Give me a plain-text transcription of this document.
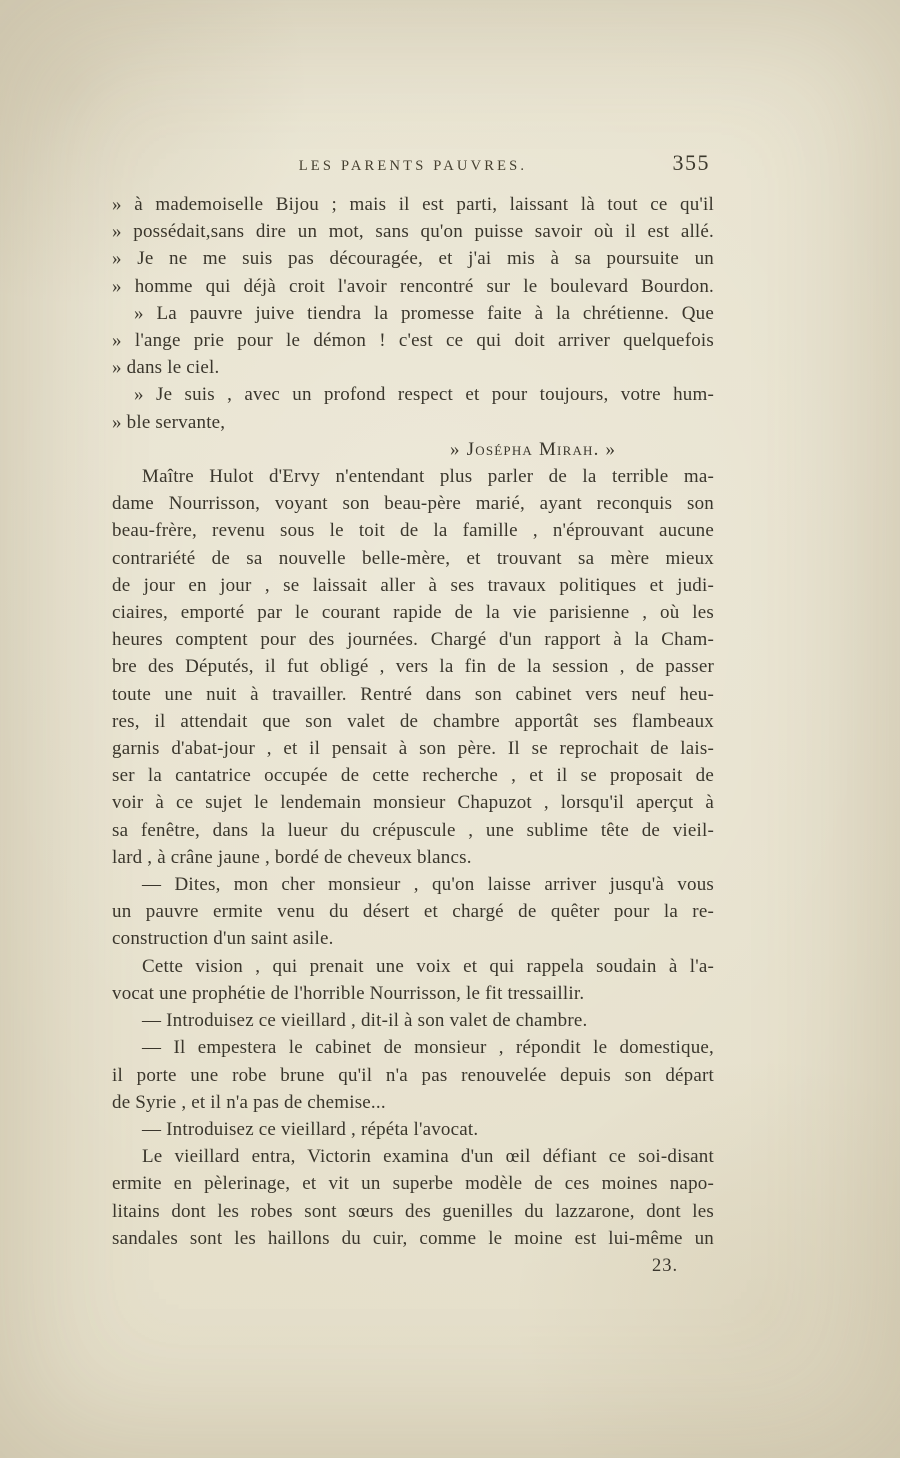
LES PARENTS PAUVRES.	355
» à mademoiselle Bijou ; mais il est parti, laissant là tout ce qu'il
» possédait,sans dire un mot, sans qu'on puisse savoir où il est allé.
» Je ne me suis pas découragée, et j'ai mis à sa poursuite un
» homme qui déjà croit l'avoir rencontré sur le boulevard Bourdon.
» La pauvre juive tiendra la promesse faite à la chrétienne. Que
» l'ange prie pour le démon ! c'est ce qui doit arriver quelquefois
» dans le ciel.
» Je suis , avec un profond respect et pour toujours, votre hum-
» ble servante,
» Josépha Mirah. »
Maître Hulot d'Ervy n'entendant plus parler de la terrible ma-
dame Nourrisson, voyant son beau-père marié, ayant reconquis son
beau-frère, revenu sous le toit de la famille , n'éprouvant aucune
contrariété de sa nouvelle belle-mère, et trouvant sa mère mieux
de jour en jour , se laissait aller à ses travaux politiques et judi-
ciaires, emporté par le courant rapide de la vie parisienne , où les
heures comptent pour des journées. Chargé d'un rapport à la Cham-
bre des Députés, il fut obligé , vers la fin de la session , de passer
toute une nuit à travailler. Rentré dans son cabinet vers neuf heu-
res, il attendait que son valet de chambre apportât ses flambeaux
garnis d'abat-jour , et il pensait à son père. Il se reprochait de lais-
ser la cantatrice occupée de cette recherche , et il se proposait de
voir à ce sujet le lendemain monsieur Chapuzot , lorsqu'il aperçut à
sa fenêtre, dans la lueur du crépuscule , une sublime tête de vieil-
lard , à crâne jaune , bordé de cheveux blancs.
— Dites, mon cher monsieur , qu'on laisse arriver jusqu'à vous
un pauvre ermite venu du désert et chargé de quêter pour la re-
construction d'un saint asile.
Cette vision , qui prenait une voix et qui rappela soudain à l'a-
vocat une prophétie de l'horrible Nourrisson, le fit tressaillir.
— Introduisez ce vieillard , dit-il à son valet de chambre.
— Il empestera le cabinet de monsieur , répondit le domestique,
il porte une robe brune qu'il n'a pas renouvelée depuis son départ
de Syrie , et il n'a pas de chemise...
— Introduisez ce vieillard , répéta l'avocat.
Le vieillard entra, Victorin examina d'un œil défiant ce soi-disant
ermite en pèlerinage, et vit un superbe modèle de ces moines napo-
litains dont les robes sont sœurs des guenilles du lazzarone, dont les
sandales sont les haillons du cuir, comme le moine est lui-même un
23.
